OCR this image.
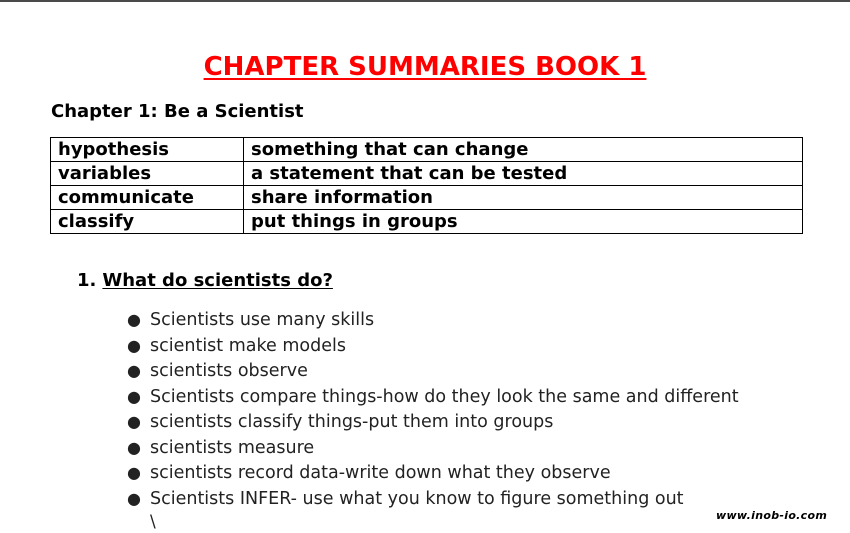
CHAPTER SUMMARIES BOOK 1
Chapter 1: Be a Scientist
hypothesis	something that can change
variables	a statement that can be tested
communicate	share information
classify	put things in groups
1. What do scientists do?
● Scientists use many skills
● scientist make models
● scientists observe
● Scientists compare things-how do they look the same and different
● scientists classify things-put them into groups
● scientists measure
● scientists record data-write down what they observe
● Scientists INFER- use what you know to figure something out
\	www.inob-io.com
